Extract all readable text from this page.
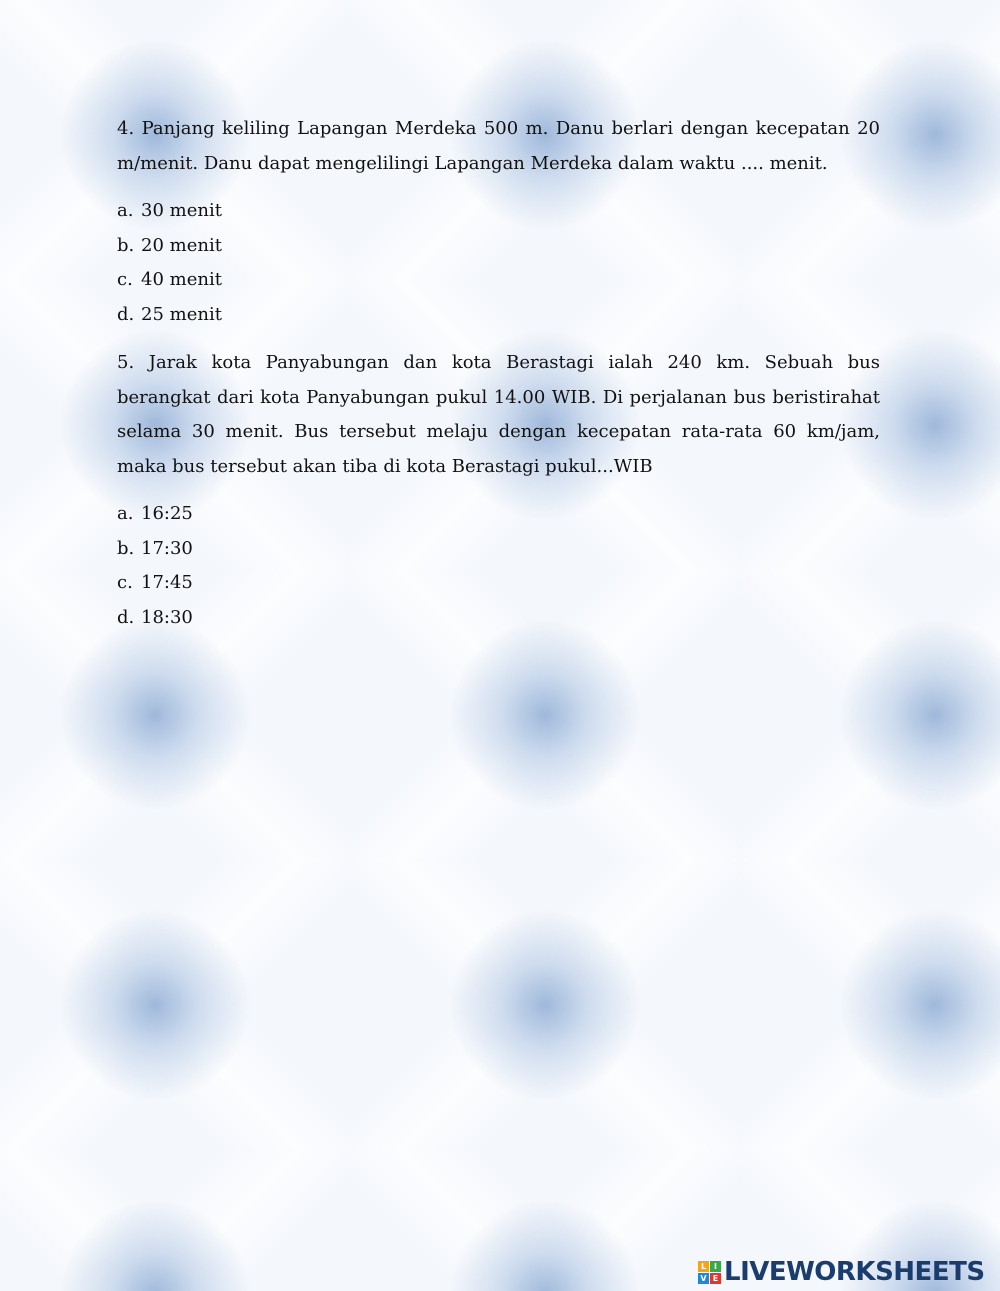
4. Panjang keliling Lapangan Merdeka 500 m. Danu berlari dengan kecepatan 20 m/menit. Danu dapat mengelilingi Lapangan Merdeka dalam waktu .... menit.

a. 30 menit
b. 20 menit
c. 40 menit
d. 25 menit

5. Jarak kota Panyabungan dan kota Berastagi ialah 240 km. Sebuah bus berangkat dari kota Panyabungan pukul 14.00 WIB. Di perjalanan bus beristirahat selama 30 menit. Bus tersebut melaju dengan kecepatan rata-rata 60 km/jam, maka bus tersebut akan tiba di kota Berastagi pukul...WIB

a. 16:25
b. 17:30
c. 17:45
d. 18:30
L I
V E LIVEWORKSHEETS
